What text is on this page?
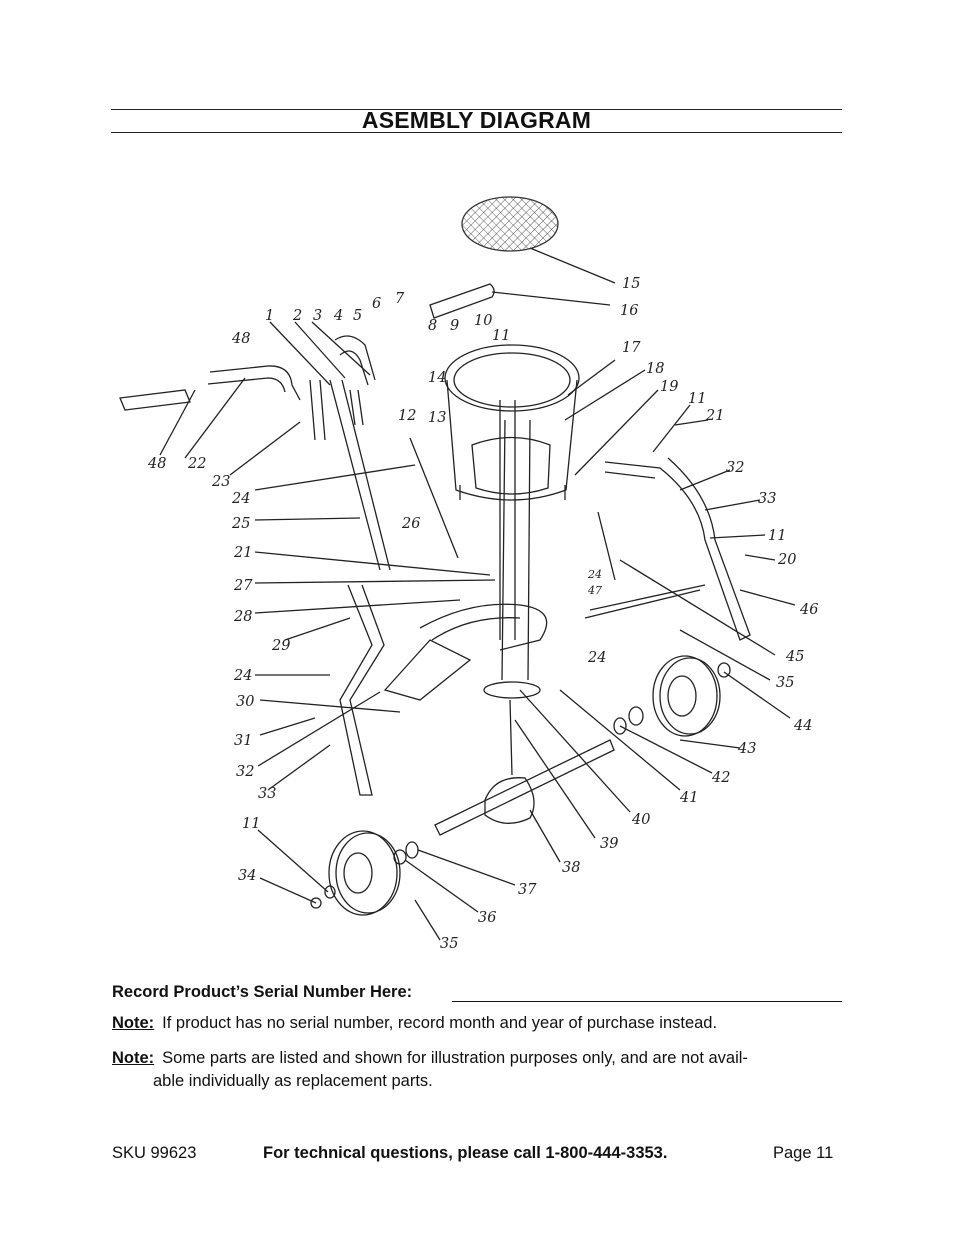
ASEMBLY DIAGRAM
1 2 3 4 5
6 7
8 9 10
11
12 13
14
15
16
17
18
19
11
21
32
33
11
20
46
45
35
44
43
42
41
40
39
38
37
36
35
34
11
33
32
31
30
24
29
28
27
21
26
25
24
23
22
48
48
24
47
24
Record Product’s Serial Number Here:
Note: If product has no serial number, record month and year of purchase instead.
Note: Some parts are listed and shown for illustration purposes only, and are not avail-
able individually as replacement parts.
SKU 99623	For technical questions, please call 1-800-444-3353.	Page 11
